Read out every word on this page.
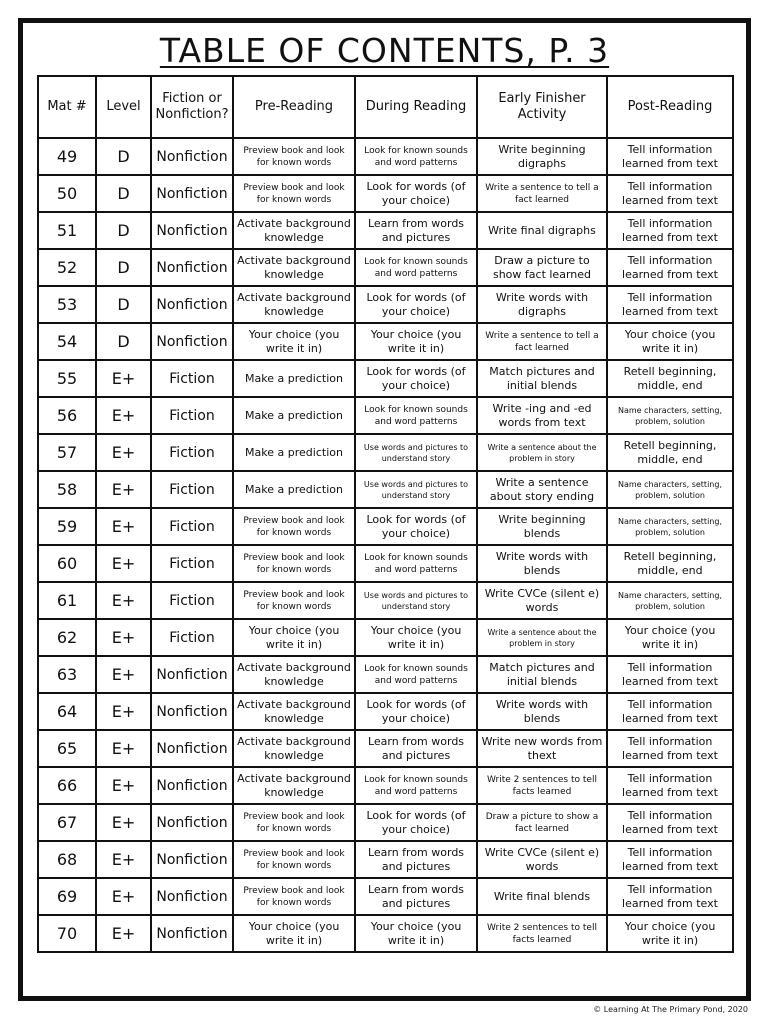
TABLE OF CONTENTS, P. 3
Mat #	Level	Fiction or Nonfiction?	Pre-Reading	During Reading	Early Finisher Activity	Post-Reading
49	D	Nonfiction	Preview book and look for known words	Look for known sounds and word patterns	Write beginning digraphs	Tell information learned from text
50	D	Nonfiction	Preview book and look for known words	Look for words (of your choice)	Write a sentence to tell a fact learned	Tell information learned from text
51	D	Nonfiction	Activate background knowledge	Learn from words and pictures	Write final digraphs	Tell information learned from text
52	D	Nonfiction	Activate background knowledge	Look for known sounds and word patterns	Draw a picture to show fact learned	Tell information learned from text
53	D	Nonfiction	Activate background knowledge	Look for words (of your choice)	Write words with digraphs	Tell information learned from text
54	D	Nonfiction	Your choice (you write it in)	Your choice (you write it in)	Write a sentence to tell a fact learned	Your choice (you write it in)
55	E+	Fiction	Make a prediction	Look for words (of your choice)	Match pictures and initial blends	Retell beginning, middle, end
56	E+	Fiction	Make a prediction	Look for known sounds and word patterns	Write -ing and -ed words from text	Name characters, setting, problem, solution
57	E+	Fiction	Make a prediction	Use words and pictures to understand story	Write a sentence about the problem in story	Retell beginning, middle, end
58	E+	Fiction	Make a prediction	Use words and pictures to understand story	Write a sentence about story ending	Name characters, setting, problem, solution
59	E+	Fiction	Preview book and look for known words	Look for words (of your choice)	Write beginning blends	Name characters, setting, problem, solution
60	E+	Fiction	Preview book and look for known words	Look for known sounds and word patterns	Write words with blends	Retell beginning, middle, end
61	E+	Fiction	Preview book and look for known words	Use words and pictures to understand story	Write CVCe (silent e) words	Name characters, setting, problem, solution
62	E+	Fiction	Your choice (you write it in)	Your choice (you write it in)	Write a sentence about the problem in story	Your choice (you write it in)
63	E+	Nonfiction	Activate background knowledge	Look for known sounds and word patterns	Match pictures and initial blends	Tell information learned from text
64	E+	Nonfiction	Activate background knowledge	Look for words (of your choice)	Write words with blends	Tell information learned from text
65	E+	Nonfiction	Activate background knowledge	Learn from words and pictures	Write new words from thext	Tell information learned from text
66	E+	Nonfiction	Activate background knowledge	Look for known sounds and word patterns	Write 2 sentences to tell facts learned	Tell information learned from text
67	E+	Nonfiction	Preview book and look for known words	Look for words (of your choice)	Draw a picture to show a fact learned	Tell information learned from text
68	E+	Nonfiction	Preview book and look for known words	Learn from words and pictures	Write CVCe (silent e) words	Tell information learned from text
69	E+	Nonfiction	Preview book and look for known words	Learn from words and pictures	Write final blends	Tell information learned from text
70	E+	Nonfiction	Your choice (you write it in)	Your choice (you write it in)	Write 2 sentences to tell facts learned	Your choice (you write it in)
© Learning At The Primary Pond, 2020
